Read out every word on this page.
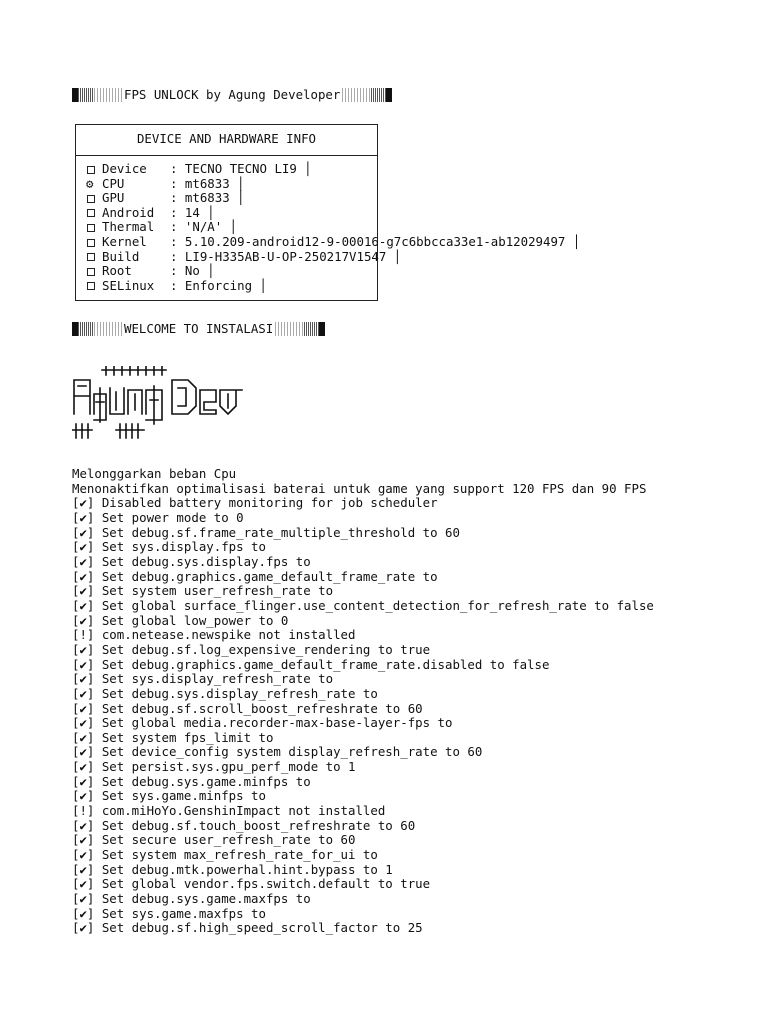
FPS UNLOCK by Agung Developer
DEVICE AND HARDWARE INFO
Device : TECNO TECNO LI9 │
⚙ CPU	: mt6833 │
GPU	: mt6833 │
Android : 14 │
Thermal : 'N/A' │
Kernel : 5.10.209-android12-9-00016-g7c6bbcca33e1-ab12029497 │
Build : LI9-H335AB-U-OP-250217V1547 │
Root	: No │
SELinux : Enforcing │
WELCOME TO INSTALASI
Melonggarkan beban Cpu
Menonaktifkan optimalisasi baterai untuk game yang support 120 FPS dan 90 FPS
[✔] Disabled battery monitoring for job scheduler
[✔] Set power mode to 0
[✔] Set debug.sf.frame_rate_multiple_threshold to 60
[✔] Set sys.display.fps to
[✔] Set debug.sys.display.fps to
[✔] Set debug.graphics.game_default_frame_rate to
[✔] Set system user_refresh_rate to
[✔] Set global surface_flinger.use_content_detection_for_refresh_rate to false
[✔] Set global low_power to 0
[!] com.netease.newspike not installed
[✔] Set debug.sf.log_expensive_rendering to true
[✔] Set debug.graphics.game_default_frame_rate.disabled to false
[✔] Set sys.display_refresh_rate to
[✔] Set debug.sys.display_refresh_rate to
[✔] Set debug.sf.scroll_boost_refreshrate to 60
[✔] Set global media.recorder-max-base-layer-fps to
[✔] Set system fps_limit to
[✔] Set device_config system display_refresh_rate to 60
[✔] Set persist.sys.gpu_perf_mode to 1
[✔] Set debug.sys.game.minfps to
[✔] Set sys.game.minfps to
[!] com.miHoYo.GenshinImpact not installed
[✔] Set debug.sf.touch_boost_refreshrate to 60
[✔] Set secure user_refresh_rate to 60
[✔] Set system max_refresh_rate_for_ui to
[✔] Set debug.mtk.powerhal.hint.bypass to 1
[✔] Set global vendor.fps.switch.default to true
[✔] Set debug.sys.game.maxfps to
[✔] Set sys.game.maxfps to
[✔] Set debug.sf.high_speed_scroll_factor to 25
